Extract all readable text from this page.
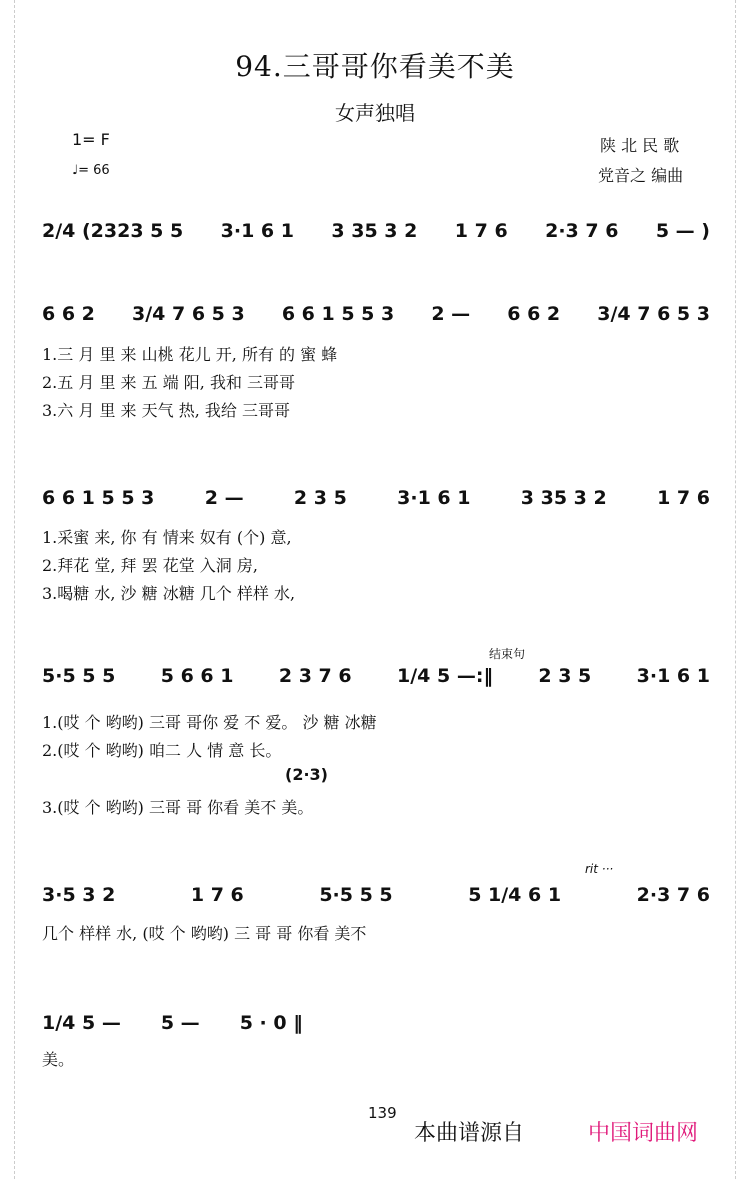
94.三哥哥你看美不美
女声独唱
1= F
♩= 66
陕 北 民 歌
党音之 编曲
2/4 (2323 5 5 3·1 6 1 3 35 3 2 1 7 6 2·3 7 6 5 — )
6 6 2 3/4 7 6 5 3 6 6 1 5 5 3 2 — 6 6 2 3/4 7 6 5 3
1.三 月 里 来 山桃 花儿 开, 所有 的 蜜 蜂
2.五 月 里 来 五 端 阳, 我和 三哥哥
3.六 月 里 来 天气 热, 我给 三哥哥
6 6 1 5 5 3	2 —	2 3 5	3·1 6 1	3 35 3 2	1 7 6
1.采蜜 来, 你 有 情来 奴有 (个) 意,
2.拜花 堂, 拜 罢 花堂 入洞 房,
3.喝糖 水, 沙 糖 冰糖 几个 样样 水,
结束句
5·5 5 5 5 6 6 1 2 3 7 6 1/4 5 —:‖ 2 3 5 3·1 6 1
1.(哎 个 哟哟) 三哥 哥你 爱 不 爱。 沙 糖 冰糖
2.(哎 个 哟哟) 咱二 人 情 意 长。
(2·3)
3.(哎 个 哟哟) 三哥 哥 你看 美不 美。
rit ···
3·5 3 2	1 7 6	5·5 5 5	5 1/4 6 1	2·3 7 6
几个 样样 水, (哎 个 哟哟) 三 哥 哥 你看 美不
1/4 5 — 5 — 5 · 0 ‖
美。
139
本曲谱源自	中国词曲网
